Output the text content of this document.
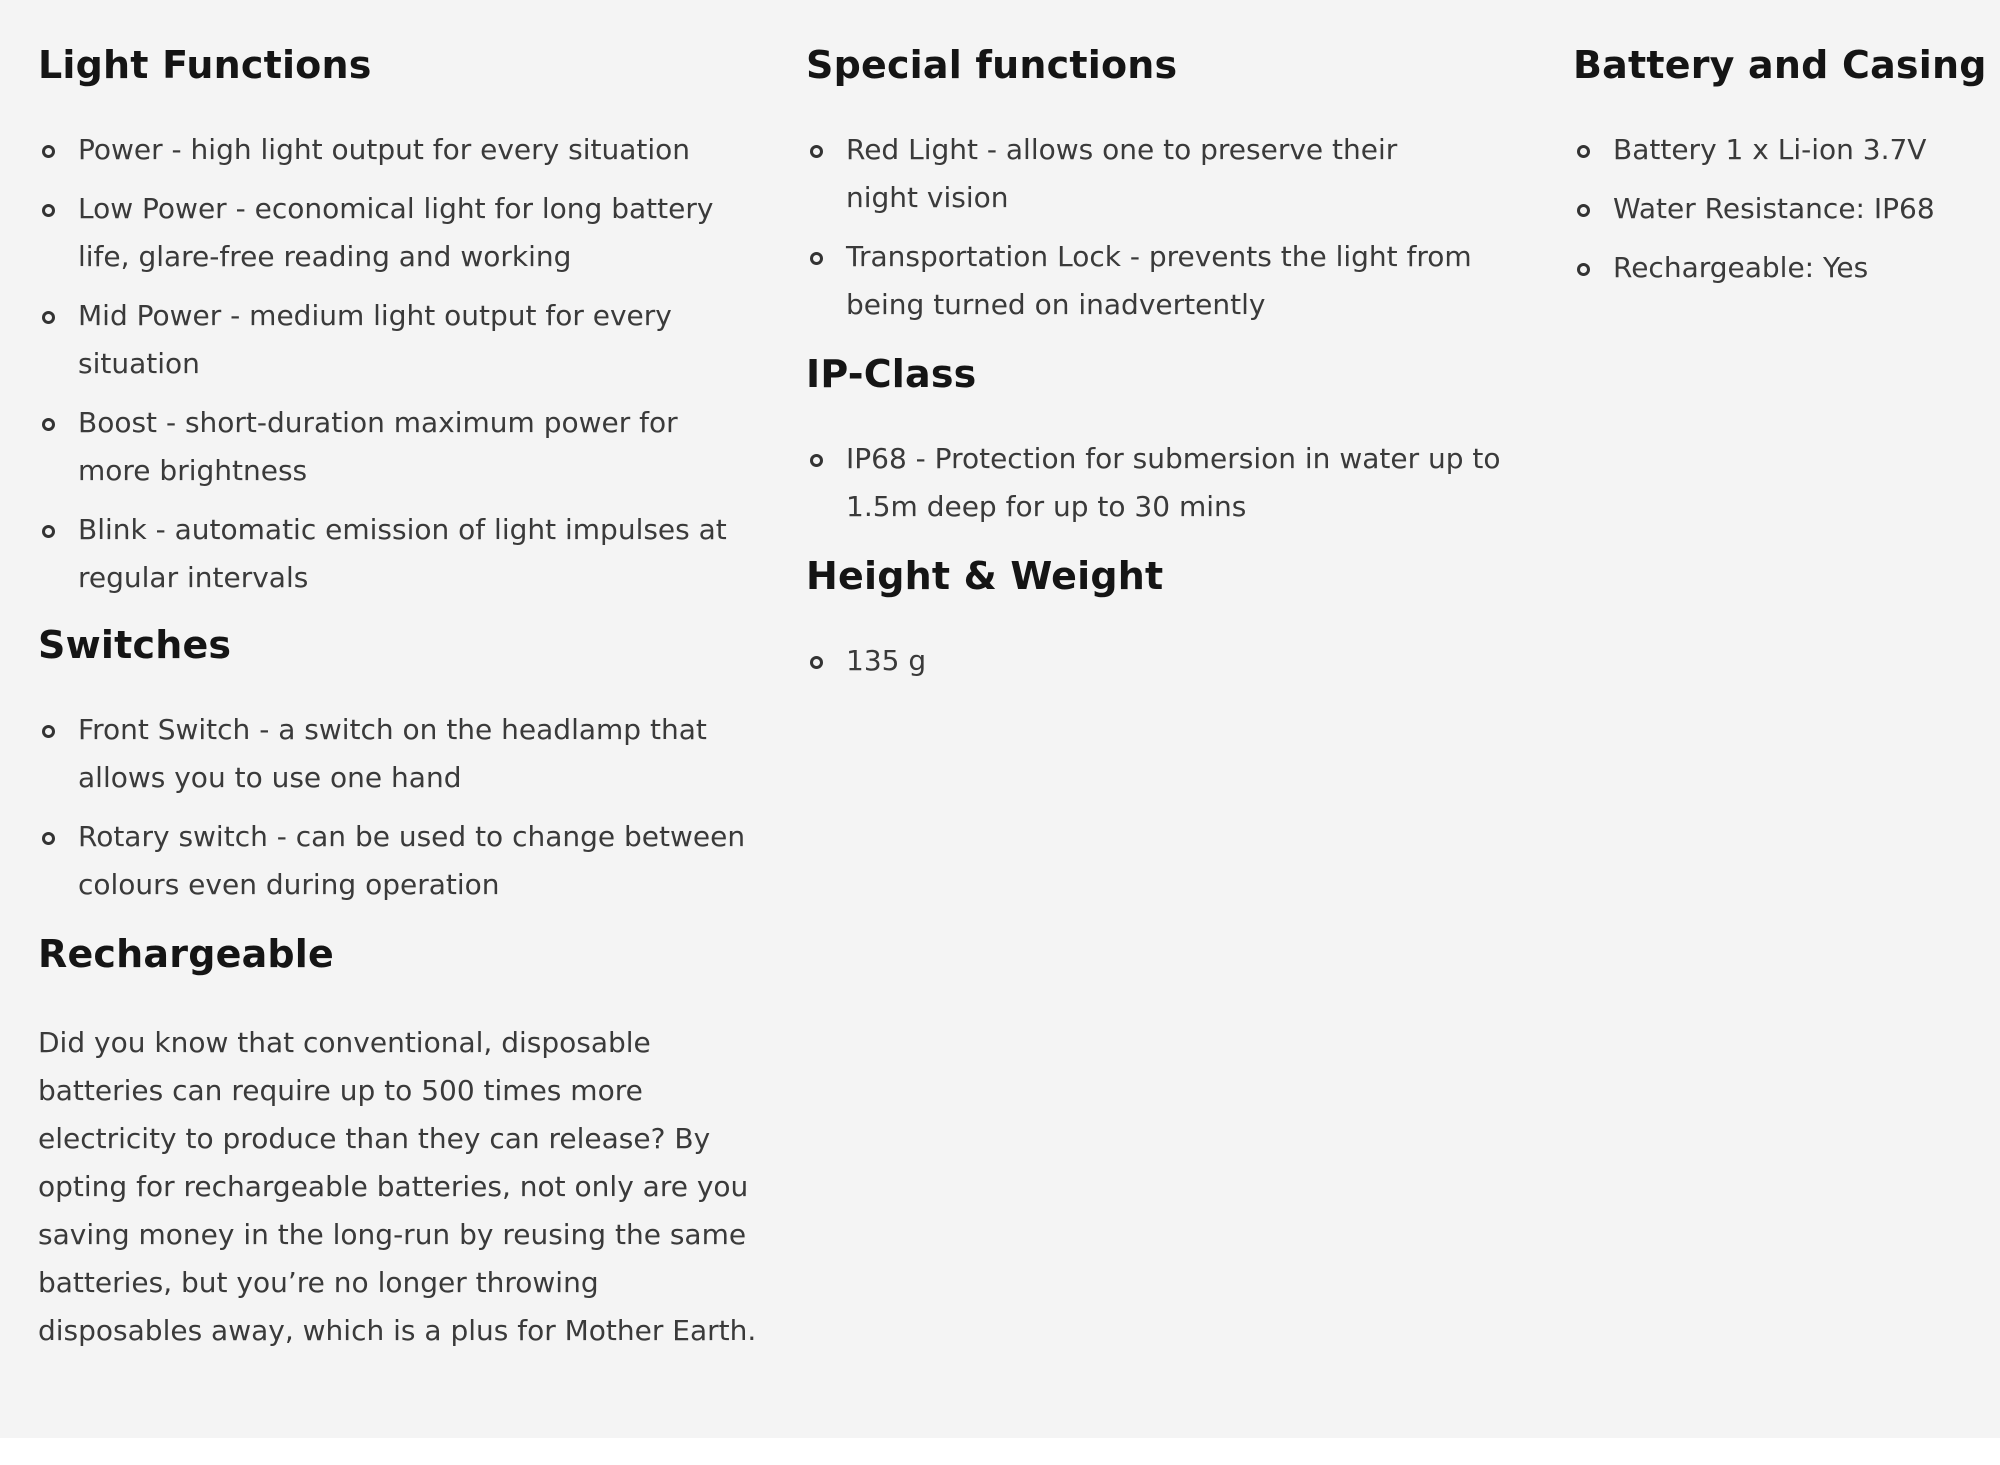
Light Functions
Power - high light output for every situation
Low Power - economical light for long battery life, glare-free reading and working
Mid Power - medium light output for every situation
Boost - short-duration maximum power for more brightness
Blink - automatic emission of light impulses at regular intervals
Switches
Front Switch - a switch on the headlamp that allows you to use one hand
Rotary switch - can be used to change between colours even during operation
Rechargeable

Did you know that conventional, disposable batteries can require up to 500 times more electricity to produce than they can release? By opting for rechargeable batteries, not only are you saving money in the long-run by reusing the same batteries, but you’re no longer throwing disposables away, which is a plus for Mother Earth.

Special functions
Red Light - allows one to preserve their night vision
Transportation Lock - prevents the light from being turned on inadvertently
IP-Class
IP68 - Protection for submersion in water up to 1.5m deep for up to 30 mins
Height & Weight
135 g
Battery and Casing
Battery 1 x Li-ion 3.7V
Water Resistance: IP68
Rechargeable: Yes
